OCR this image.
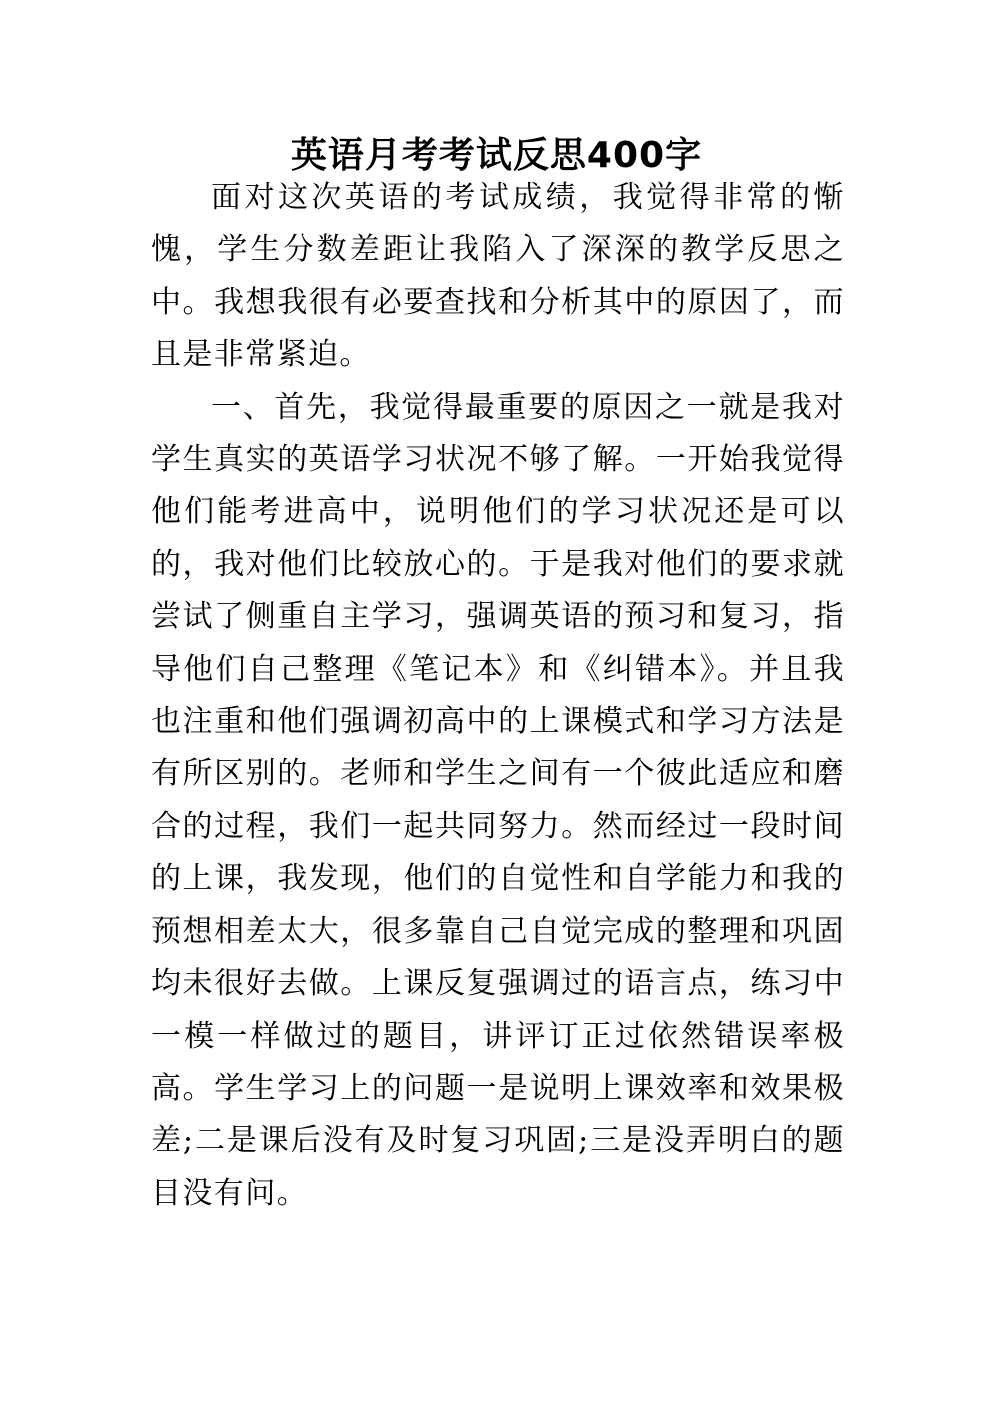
英语月考考试反思400字

面对这次英语的考试成绩，我觉得非常的惭愧，学生分数差距让我陷入了深深的教学反思之中。我想我很有必要查找和分析其中的原因了，而且是非常紧迫。

一、首先，我觉得最重要的原因之一就是我对学生真实的英语学习状况不够了解。一开始我觉得他们能考进高中，说明他们的学习状况还是可以的，我对他们比较放心的。于是我对他们的要求就尝试了侧重自主学习，强调英语的预习和复习，指导他们自己整理《笔记本》和《纠错本》。并且我也注重和他们强调初高中的上课模式和学习方法是有所区别的。老师和学生之间有一个彼此适应和磨合的过程，我们一起共同努力。然而经过一段时间的上课，我发现，他们的自觉性和自学能力和我的预想相差太大，很多靠自己自觉完成的整理和巩固均未很好去做。上课反复强调过的语言点，练习中一模一样做过的题目，讲评订正过依然错误率极高。学生学习上的问题一是说明上课效率和效果极差;二是课后没有及时复习巩固;三是没弄明白的题目没有问。
